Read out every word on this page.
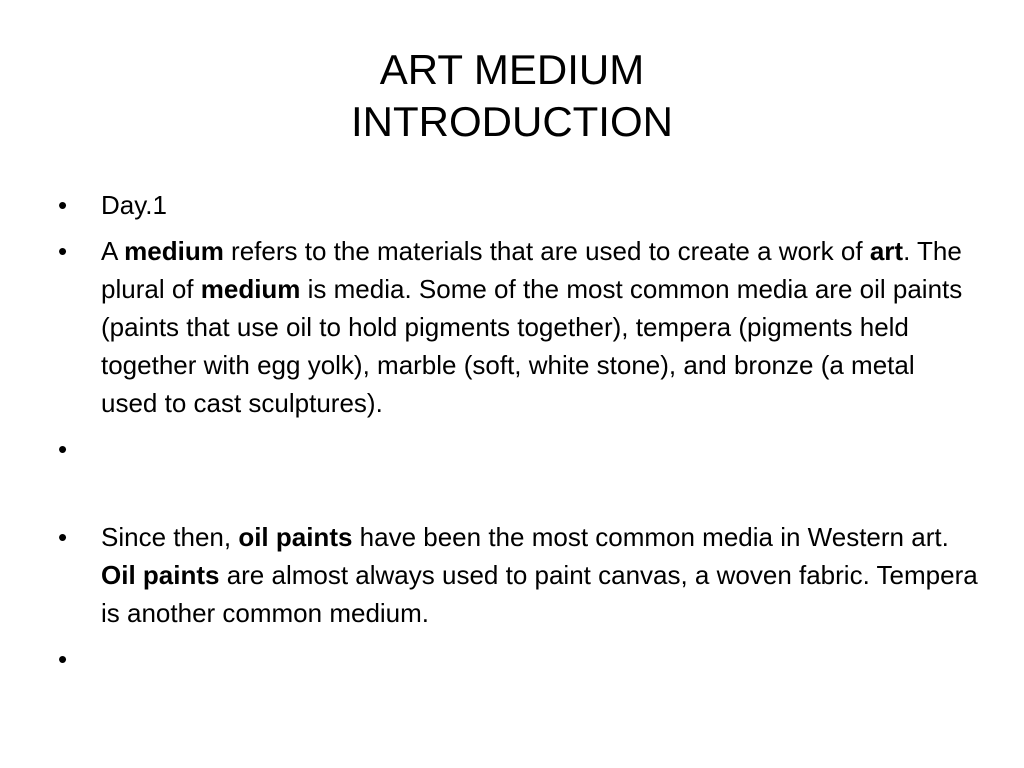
ART MEDIUM
INTRODUCTION
•	Day.1
•	A medium refers to the materials that are used to create a work of art. The plural of medium is media. Some of the most common media are oil paints (paints that use oil to hold pigments together), tempera (pigments held together with egg yolk), marble (soft, white stone), and bronze (a metal used to cast sculptures).
•
•	Since then, oil paints have been the most common media in Western art. Oil paints are almost always used to paint canvas, a woven fabric. Tempera is another common medium.
•
